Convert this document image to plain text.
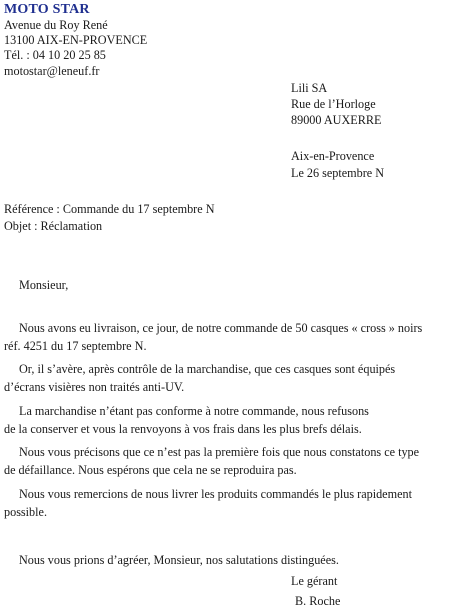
MOTO STAR
Avenue du Roy René
13100 AIX-EN-PROVENCE
Tél. : 04 10 20 25 85
motostar@leneuf.fr
Lili SA
Rue de l’Horloge
89000 AUXERRE
Aix-en-Provence
Le 26 septembre N
Référence : Commande du 17 septembre N
Objet : Réclamation
Monsieur,
Nous avons eu livraison, ce jour, de notre commande de 50 casques « cross » noirs
réf. 4251 du 17 septembre N.
Or, il s’avère, après contrôle de la marchandise, que ces casques sont équipés
d’écrans visières non traités anti-UV.
La marchandise n’étant pas conforme à notre commande, nous refusons
de la conserver et vous la renvoyons à vos frais dans les plus brefs délais.
Nous vous précisons que ce n’est pas la première fois que nous constatons ce type
de défaillance. Nous espérons que cela ne se reproduira pas.
Nous vous remercions de nous livrer les produits commandés le plus rapidement
possible.
Nous vous prions d’agréer, Monsieur, nos salutations distinguées.
Le gérant
B. Roche
